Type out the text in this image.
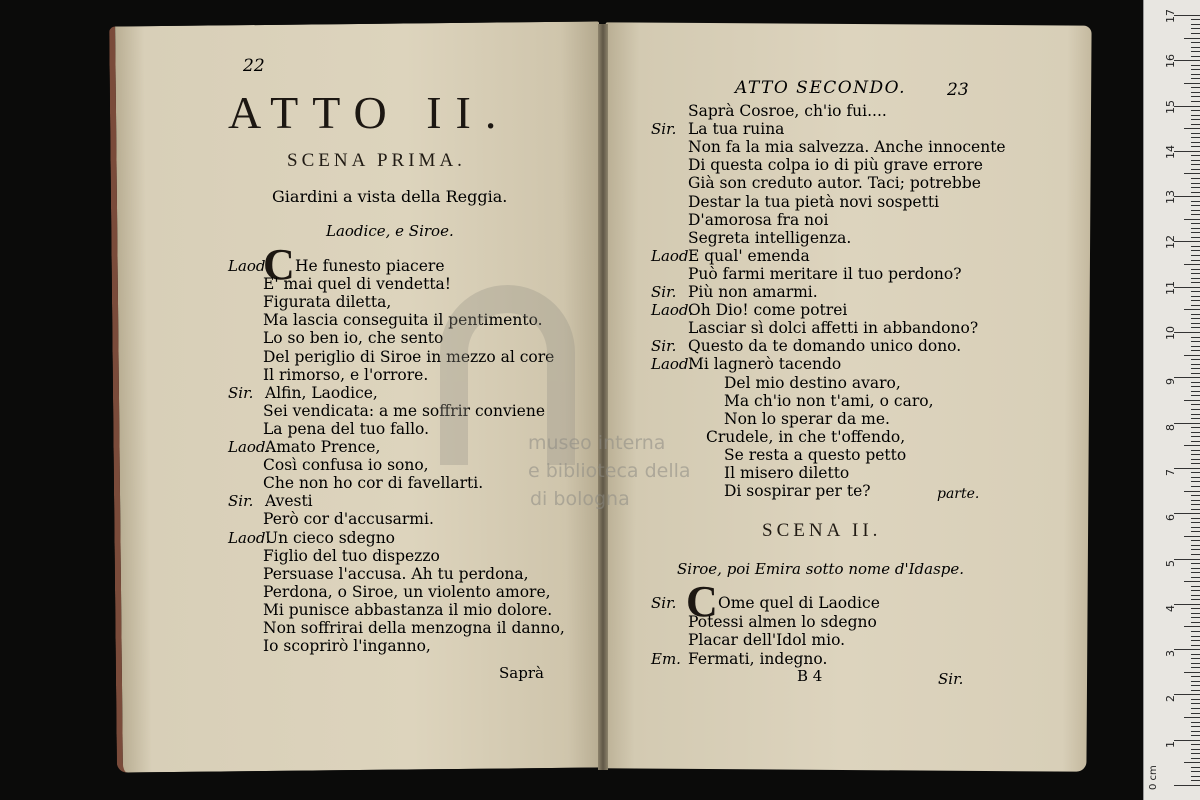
22
ATTO II.
SCENA PRIMA.
Giardini a vista della Reggia.
Laodice, e Siroe.
Laod.
C He funesto piacere
E' mai quel di vendetta!
Figurata diletta,
Ma lascia conseguita il pentimento.
Lo so ben io, che sento
Del periglio di Siroe in mezzo al core
Il rimorso, e l'orrore.
Sir. Alfin, Laodice,
Sei vendicata: a me soffrir conviene
La pena del tuo fallo.
Laod.
Amato Prence,
Così confusa io sono,
Che non ho cor di favellarti.
Sir. Avesti
Però cor d'accusarmi.
Laod.
Un cieco sdegno
Figlio del tuo dispezzo
Persuase l'accusa. Ah tu perdona,
Perdona, o Siroe, un violento amore,
Mi punisce abbastanza il mio dolore.
Non soffrirai della menzogna il danno,
Io scoprirò l'inganno,
Saprà
ATTO SECONDO. 23
Saprà Cosroe, ch'io fui....
Sir. La tua ruina
Non fa la mia salvezza. Anche innocente
Di questa colpa io di più grave errore
Già son creduto autor. Taci; potrebbe
Destar la tua pietà novi sospetti
D'amorosa fra noi
Segreta intelligenza.
Laod.
E qual' emenda
Può farmi meritare il tuo perdono?
Sir. Più non amarmi.
Laod.
Oh Dio! come potrei
Lasciar sì dolci affetti in abbandono?
Sir. Questo da te domando unico dono.
Laod.
Mi lagnerò tacendo
Del mio destino avaro,
Ma ch'io non t'ami, o caro,
Non lo sperar da me.
Crudele, in che t'offendo,
Se resta a questo petto
Il misero diletto
Di sospirar per te?	parte.
SCENA II.
Siroe, poi Emira sotto nome d'Idaspe.
Sir. C Ome quel di Laodice
Potessi almen lo sdegno
Placar dell'Idol mio.
Em. Fermati, indegno.
B 4	Sir.
museo interna
e biblioteca della
di bologna
1
2
3
4
5
6
7
8
9
10
11
12
13
14
15
16
17
0 cm
